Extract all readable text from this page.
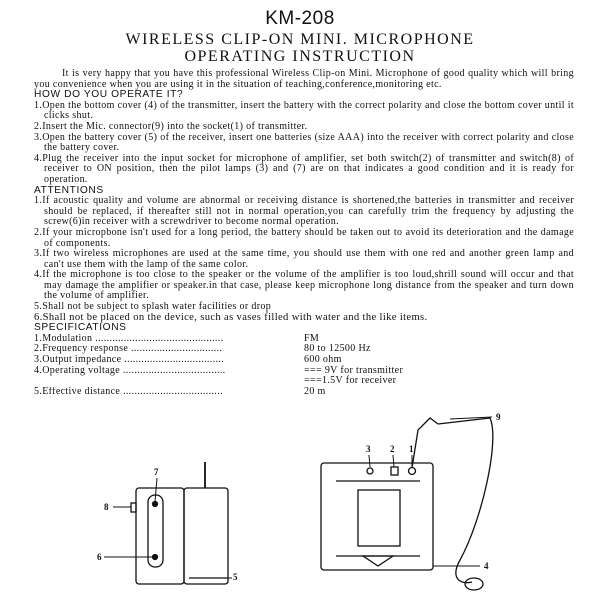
KM-208
WIRELESS CLIP-ON MINI. MICROPHONE
OPERATING INSTRUCTION

It is very happy that you have this professional Wireless Clip-on Mini. Microphone of good quality which will bring you convenience when you are using it in the situation of teaching,conference,monitoring etc.

HOW DO YOU OPERATE IT?

1.Open the bottom cover (4) of the transmitter, insert the battery with the correct polarity and close the bottom cover until it clicks shut.

2.Insert the Mic. connector(9) into the socket(1) of transmitter.

3.Open the battery cover (5) of the receiver, insert one batteries (size AAA) into the receiver with correct polarity and close the battery cover.

4.Plug the receiver into the input socket for microphone of amplifier, set both switch(2) of transmitter and switch(8) of receiver to ON position, then the pilot lamps (3) and (7) are on that indicates a good condition and it is ready for operation.

ATTENTIONS

1.If acoustic quality and volume are abnormal or receiving distance is shortened,the batteries in transmitter and receiver should be replaced, if thereafter still not in normal operation,you can carefully trim the frequency by adjusting the screw(6)in receiver with a screwdriver to become normal operation.

2.If your micropbone isn't used for a long period, the battery should be taken out to avoid its deterioration and the damage of components.

3.If two wireless microphones are used at the same time, you should use them with one red and another green lamp and can't use them with the lamp of the same color.

4.If the microphone is too close to the speaker or the volume of the amplifier is too loud,shrill sound will occur and that may damage the amplifier or speaker.in that case, please keep microphone long distance from the speaker and turn down the volume of amplifier.

5.Shall not be subject to splash water facilities or drop

6.Shall not be placed on the device, such as vases filled with water and the like items.

SPECIFICATIONS

1.Modulation .............................................	FM
2.Frequency response ................................	80 to 12500 Hz
3.Output impedance ...................................	600 ohm
4.Operating voltage ....................................	=== 9V for transmitter
===1.5V for receiver
5.Effective distance ...................................	20 m
1
2
3
4
5
6
7
8
9
